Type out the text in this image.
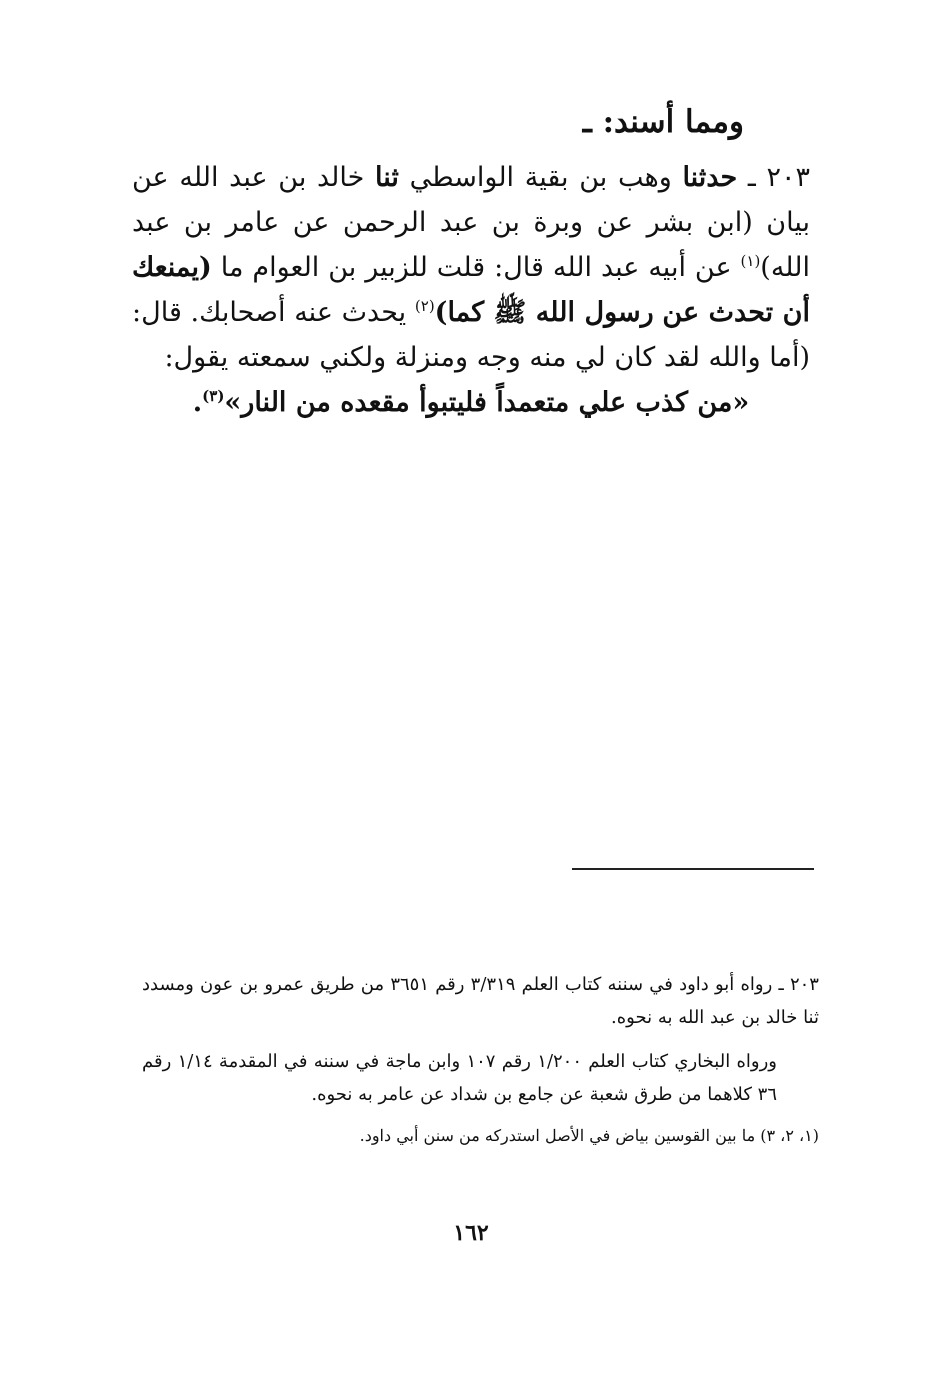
ومما أسند: ـ

٢٠٣ ـ حدثنا وهب بن بقية الواسطي ثنا خالد بن عبد الله عن بيان (ابن بشر عن وبرة بن عبد الرحمن عن عامر بن عبد الله)$^{(١)}$ عن أبيه عبد الله قال: قلت للزبير بن العوام ما (يمنعك أن تحدث عن رسول الله ﷺ كما)$^{(٢)}$ يحدث عنه أصحابك. قال: (أما والله لقد كان لي منه وجه ومنزلة ولكني سمعته يقول:

«من كذب علي متعمداً فليتبوأ مقعده من النار»$^{(٣)}$.

٢٠٣ ـ رواه أبو داود في سننه كتاب العلم ٣/٣١٩ رقم ٣٦٥١ من طريق عمرو بن عون ومسدد ثنا خالد بن عبد الله به نحوه.

ورواه البخاري كتاب العلم ١/٢٠٠ رقم ١٠٧ وابن ماجة في سننه في المقدمة ١/١٤ رقم ٣٦ كلاهما من طرق شعبة عن جامع بن شداد عن عامر به نحوه.

(١، ٢، ٣) ما بين القوسين بياض في الأصل استدركه من سنن أبي داود.

١٦٢
